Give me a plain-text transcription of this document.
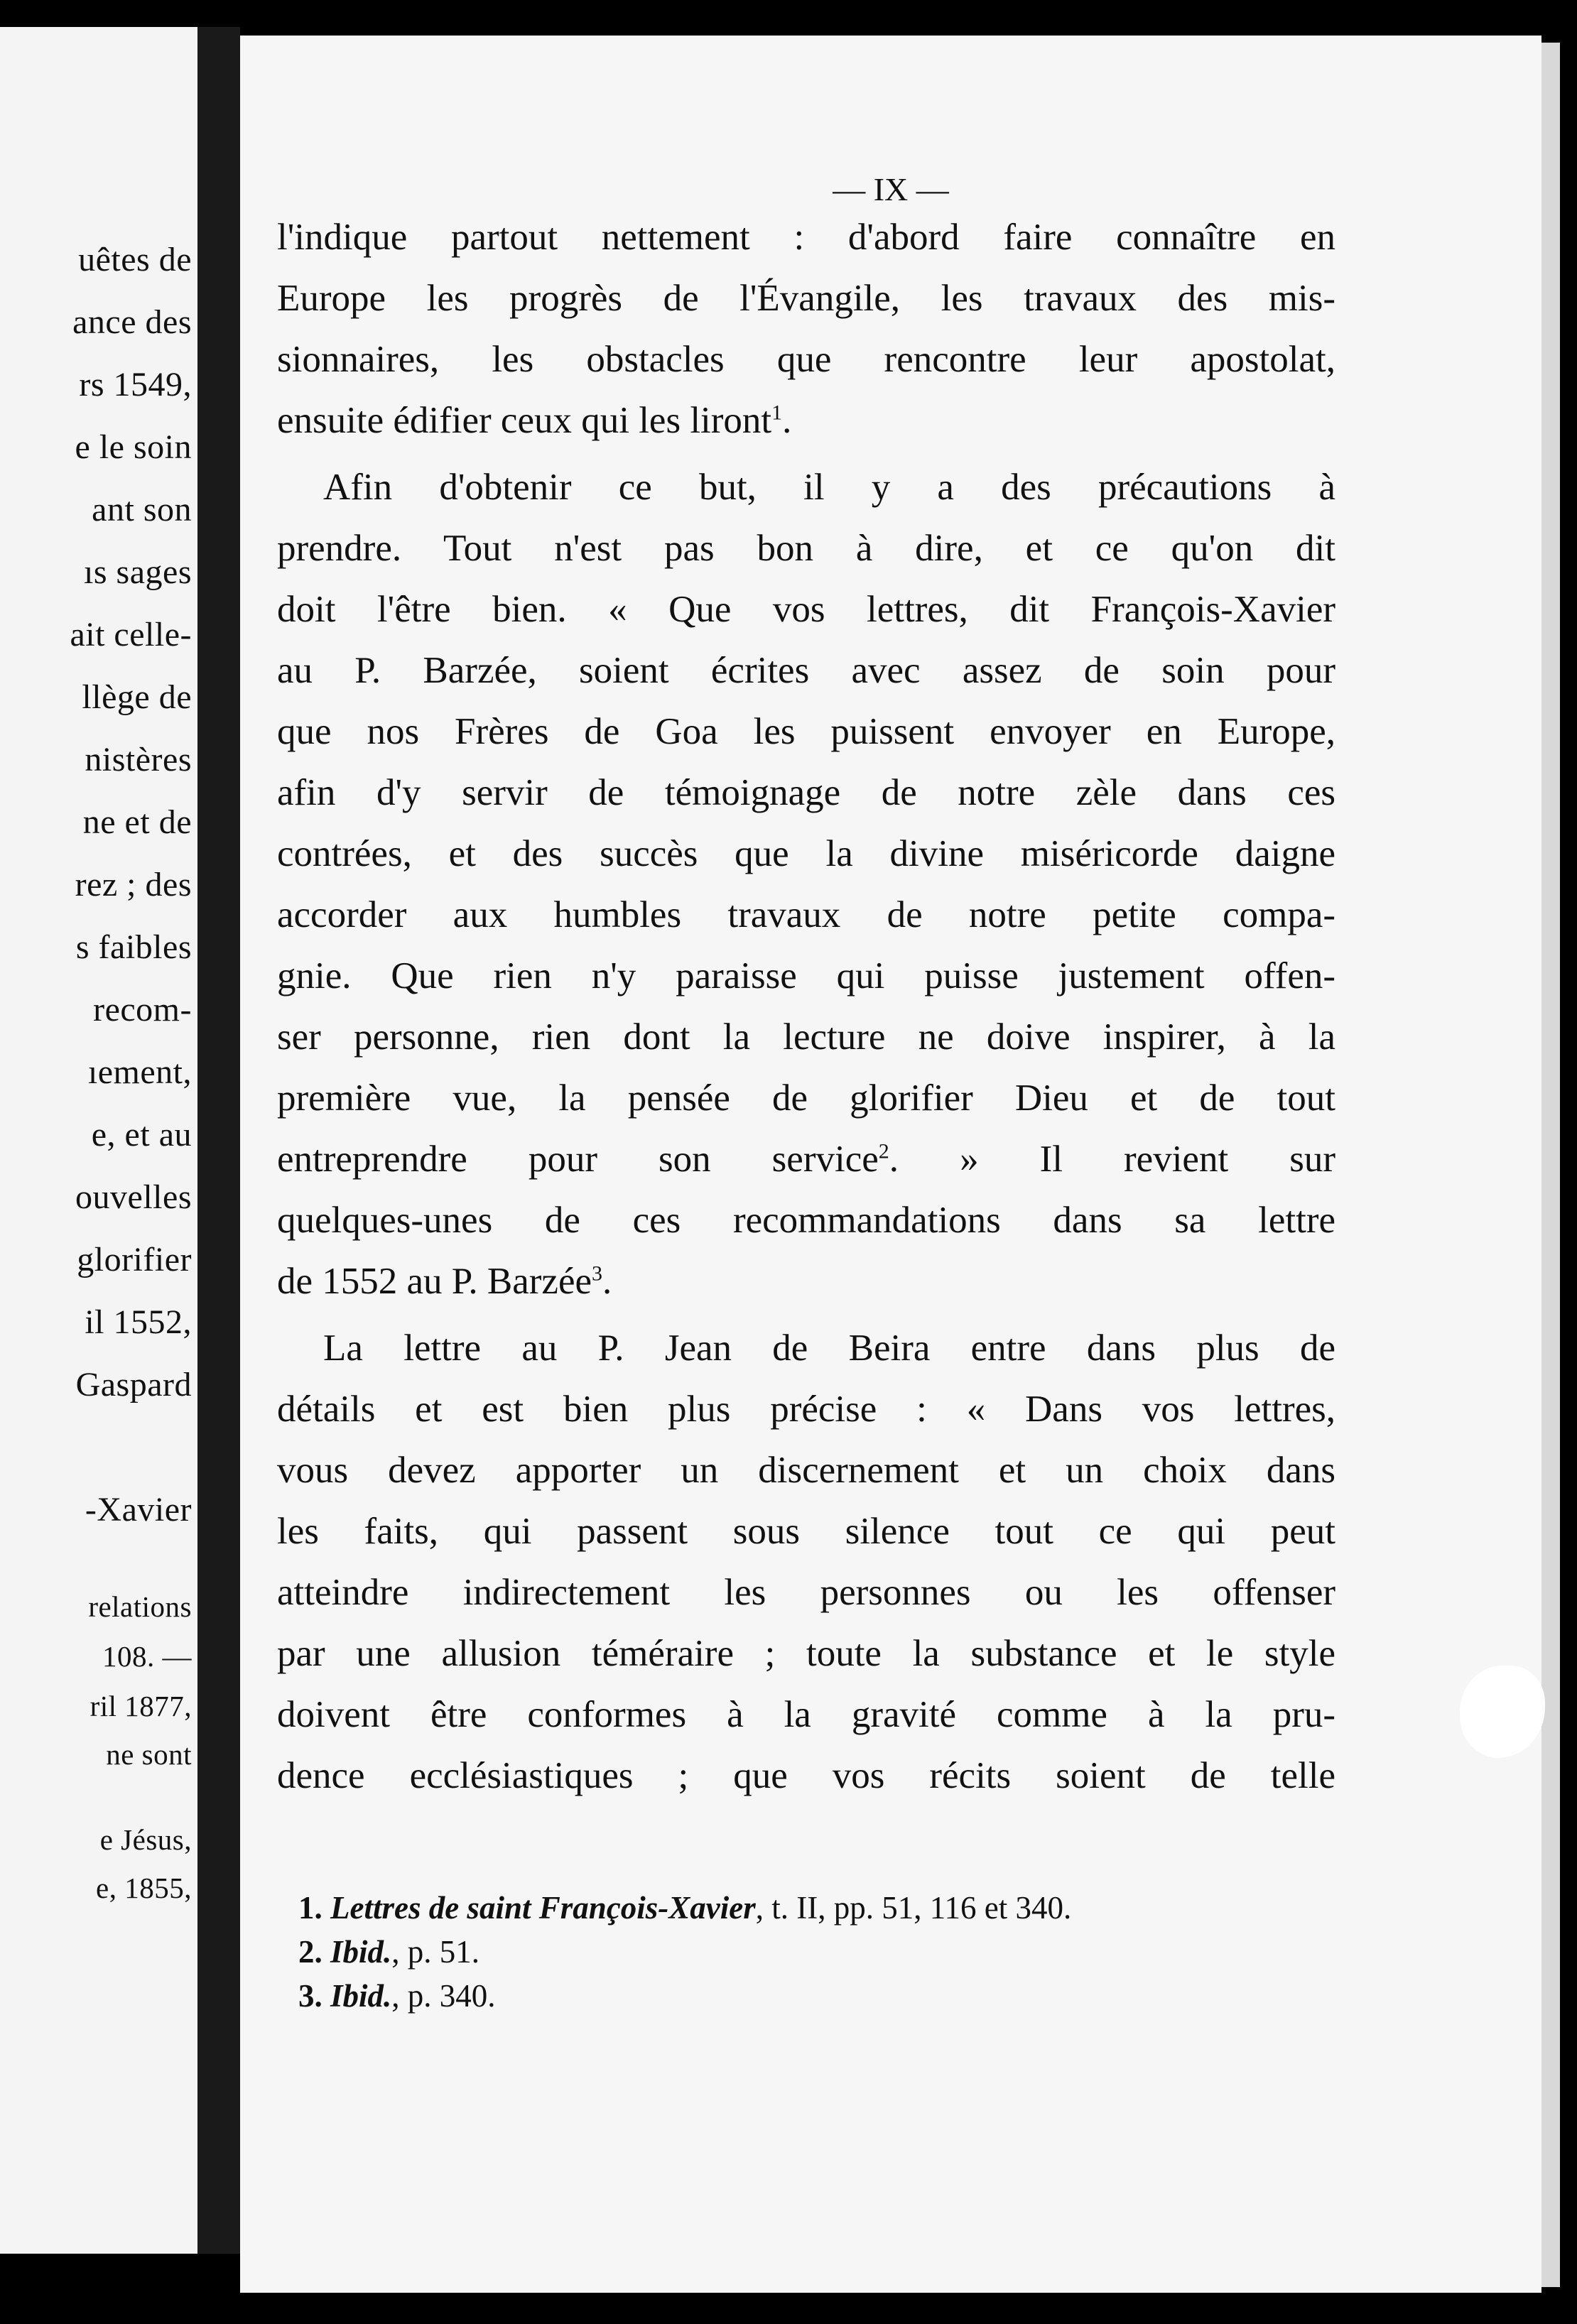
uêtes de
ance des
rs 1549,
e le soin
ant son
ıs sages
ait celle-
llège de
nistères
ne et de
rez ; des
s faibles
recom-
ıement,
e, et au
ouvelles
glorifier
il 1552,
Gaspard
-Xavier
relations
108. —
ril 1877,
ne sont
e Jésus,
e, 1855,
— IX —
l'indique partout nettement : d'abord faire connaître en
Europe les progrès de l'Évangile, les travaux des mis-
sionnaires, les obstacles que rencontre leur apostolat,
ensuite édifier ceux qui les liront$^1$.
Afin d'obtenir ce but, il y a des précautions à
prendre. Tout n'est pas bon à dire, et ce qu'on dit
doit l'être bien. « Que vos lettres, dit François-Xavier
au P. Barzée, soient écrites avec assez de soin pour
que nos Frères de Goa les puissent envoyer en Europe,
afin d'y servir de témoignage de notre zèle dans ces
contrées, et des succès que la divine miséricorde daigne
accorder aux humbles travaux de notre petite compa-
gnie. Que rien n'y paraisse qui puisse justement offen-
ser personne, rien dont la lecture ne doive inspirer, à la
première vue, la pensée de glorifier Dieu et de tout
entreprendre pour son service$^2$. » Il revient sur
quelques-unes de ces recommandations dans sa lettre
de 1552 au P. Barzée$^3$.
La lettre au P. Jean de Beira entre dans plus de
détails et est bien plus précise : « Dans vos lettres,
vous devez apporter un discernement et un choix dans
les faits, qui passent sous silence tout ce qui peut
atteindre indirectement les personnes ou les offenser
par une allusion téméraire ; toute la substance et le style
doivent être conformes à la gravité comme à la pru-
dence ecclésiastiques ; que vos récits soient de telle
1. Lettres de saint François-Xavier, t. II, pp. 51, 116 et 340.
2. Ibid., p. 51.
3. Ibid., p. 340.
